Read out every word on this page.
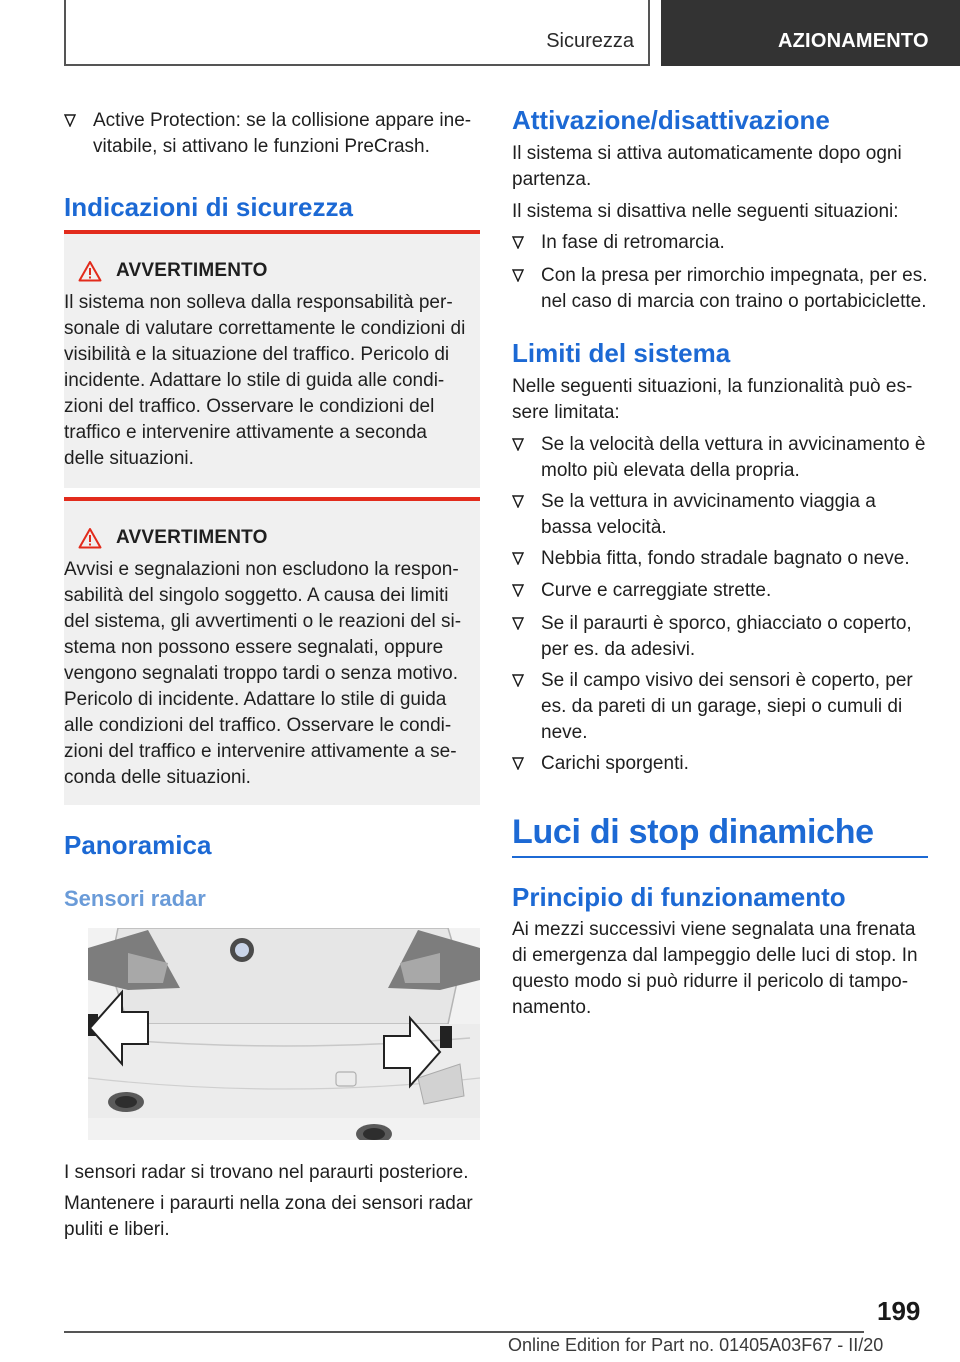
Sicurezza	AZIONAMENTO
Active Protection: se la collisione appare ine-vitabile, si attivano le funzioni PreCrash.
Indicazioni di sicurezza
AVVERTIMENTO
Il sistema non solleva dalla responsabilità per-sonale di valutare correttamente le condizioni di visibilità e la situazione del traffico. Pericolo di incidente. Adattare lo stile di guida alle condi-zioni del traffico. Osservare le condizioni del traffico e intervenire attivamente a seconda delle situazioni.
AVVERTIMENTO
Avvisi e segnalazioni non escludono la respon-sabilità del singolo soggetto. A causa dei limiti del sistema, gli avvertimenti o le reazioni del si-stema non possono essere segnalati, oppure vengono segnalati troppo tardi o senza motivo. Pericolo di incidente. Adattare lo stile di guida alle condizioni del traffico. Osservare le condi-zioni del traffico e intervenire attivamente a se-conda delle situazioni.
Panoramica
Sensori radar
I sensori radar si trovano nel paraurti posteriore.
Mantenere i paraurti nella zona dei sensori radar puliti e liberi.
Attivazione/disattivazione
Il sistema si attiva automaticamente dopo ogni partenza.
Il sistema si disattiva nelle seguenti situazioni:
In fase di retromarcia.
Con la presa per rimorchio impegnata, per es. nel caso di marcia con traino o portabiciclette.
Limiti del sistema
Nelle seguenti situazioni, la funzionalità può es-sere limitata:
Se la velocità della vettura in avvicinamento è molto più elevata della propria.
Se la vettura in avvicinamento viaggia a bassa velocità.
Nebbia fitta, fondo stradale bagnato o neve.
Curve e carreggiate strette.
Se il paraurti è sporco, ghiacciato o coperto, per es. da adesivi.
Se il campo visivo dei sensori è coperto, per es. da pareti di un garage, siepi o cumuli di neve.
Carichi sporgenti.
Luci di stop dinamiche
Principio di funzionamento
Ai mezzi successivi viene segnalata una frenata di emergenza dal lampeggio delle luci di stop. In questo modo si può ridurre il pericolo di tampo-namento.
199
Online Edition for Part no. 01405A03F67 - II/20
